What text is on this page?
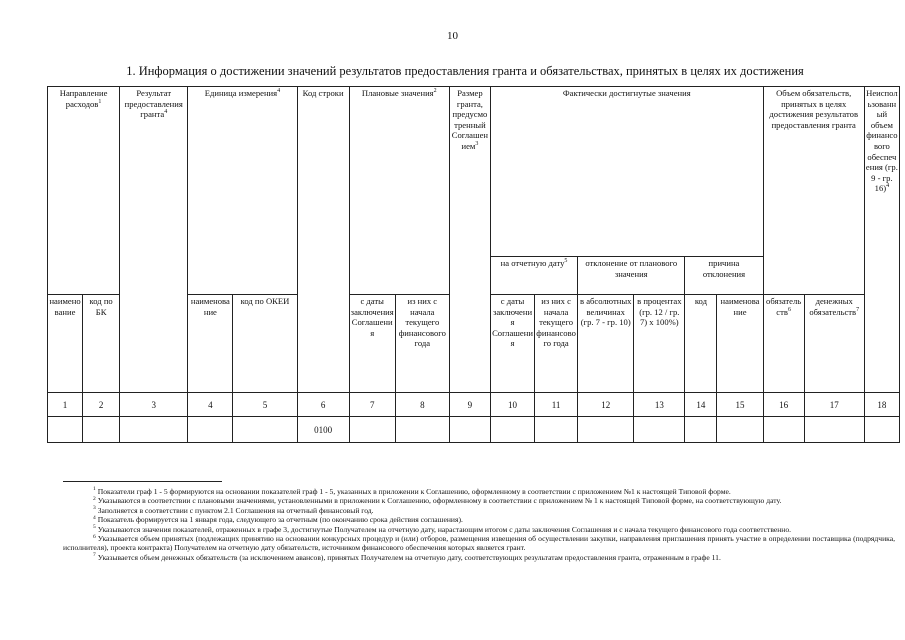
10
1. Информация о достижении значений результатов предоставления гранта и обязательствах, принятых в целях их достижения
Направление расходов$^1$		Результат предоставления гранта$^4$	Единица измерения$^4$		Код строки	Плановые значения$^2$		Размер гранта, предусмотренный Соглашением$^3$	Фактически достигнутые значения						Объем обязательств, принятых в целях достижения результатов предоставления гранта		Неиспользованный объем финансового обеспечения (гр. 9 - гр. 16)$^4$
									на отчетную дату$^5$		отклонение от планового значения		причина отклонения				
наименование	код по БК		наименование	код по ОКЕИ		с даты заключения Соглашения	из них с начала текущего финансового года		с даты заключения Соглашения	из них с начала текущего финансового года	в абсолютных величинах (гр. 7 - гр. 10)	в процентах (гр. 12 / гр. 7) х 100%)	код	наименование	обязательств$^6$	денежных обязательств$^7$
1	2	3	4	5	6	7	8	9	10	11	12	13	14	15	16	17	18
					0100												

$^1$ Показатели граф 1 - 5 формируются на основании показателей граф 1 - 5, указанных в приложении к Соглашению, оформленному в соответствии с приложением №1 к настоящей Типовой форме.

$^2$ Указываются в соответствии с плановыми значениями, установленными в приложении к Соглашению, оформленному в соответствии с приложением № 1 к настоящей Типовой форме, на соответствующую дату.

$^3$ Заполняется в соответствии с пунктом 2.1 Соглашения на отчетный финансовый год.

$^4$ Показатель формируется на 1 января года, следующего за отчетным (по окончанию срока действия соглашения).

$^5$ Указываются значения показателей, отраженных в графе 3, достигнутые Получателем на отчетную дату, нарастающим итогом с даты заключения Соглашения и с начала текущего финансового года соответственно.

$^6$ Указывается объем принятых (подлежащих принятию на основании конкурсных процедур и (или) отборов, размещения извещения об осуществлении закупки, направления приглашения принять участие в определении поставщика (подрядчика, исполнителя), проекта контракта) Получателем на отчетную дату обязательств, источником финансового обеспечения которых является грант.

$^7$ Указывается объем денежных обязательств (за исключением авансов), принятых Получателем на отчетную дату, соответствующих результатам предоставления гранта, отраженным в графе 11.
